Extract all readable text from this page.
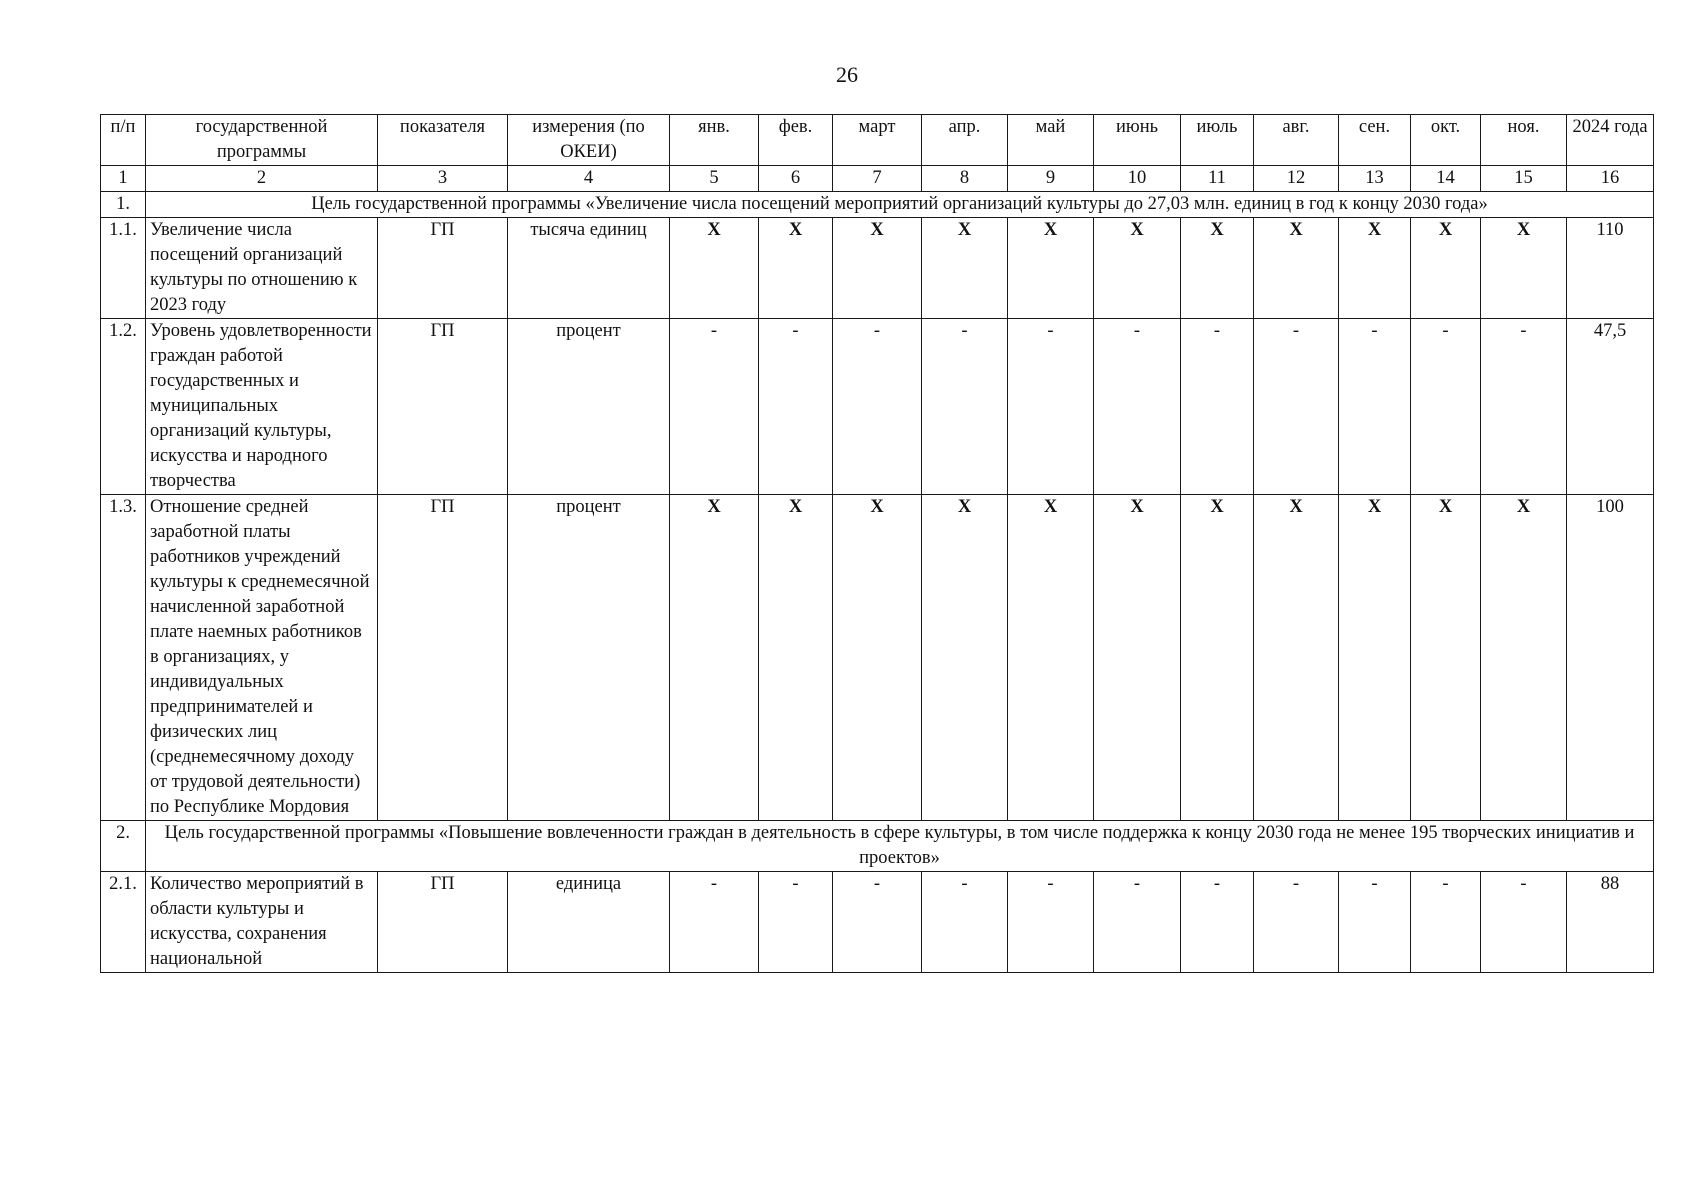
26
п/п	государственной программы	показателя	измерения (по ОКЕИ)	янв.	фев.	март	апр.	май	июнь	июль	авг.	сен.	окт.	ноя.	2024 года
1	2	3	4	5	6	7	8	9	10	11	12	13	14	15	16
1.	Цель государственной программы «Увеличение числа посещений мероприятий организаций культуры до 27,03 млн. единиц в год к концу 2030 года»														
1.1.	Увеличение числа посещений организаций культуры по отношению к 2023 году	ГП	тысяча единиц	X	X	X	X	X	X	X	X	X	X	X	110
1.2.	Уровень удовлетворенности граждан работой государственных и муниципальных организаций культуры, искусства и народного творчества	ГП	процент	-	-	-	-	-	-	-	-	-	-	-	47,5
1.3.	Отношение средней заработной платы работников учреждений культуры к среднемесячной начисленной заработной плате наемных работников в организациях, у индивидуальных предпринимателей и физических лиц (среднемесячному доходу от трудовой деятельности) по Республике Мордовия	ГП	процент	X	X	X	X	X	X	X	X	X	X	X	100
2.	Цель государственной программы «Повышение вовлеченности граждан в деятельность в сфере культуры, в том числе поддержка к концу 2030 года не менее 195 творческих инициатив и проектов»														
2.1.	Количество мероприятий в области культуры и искусства, сохранения национальной	ГП	единица	-	-	-	-	-	-	-	-	-	-	-	88
